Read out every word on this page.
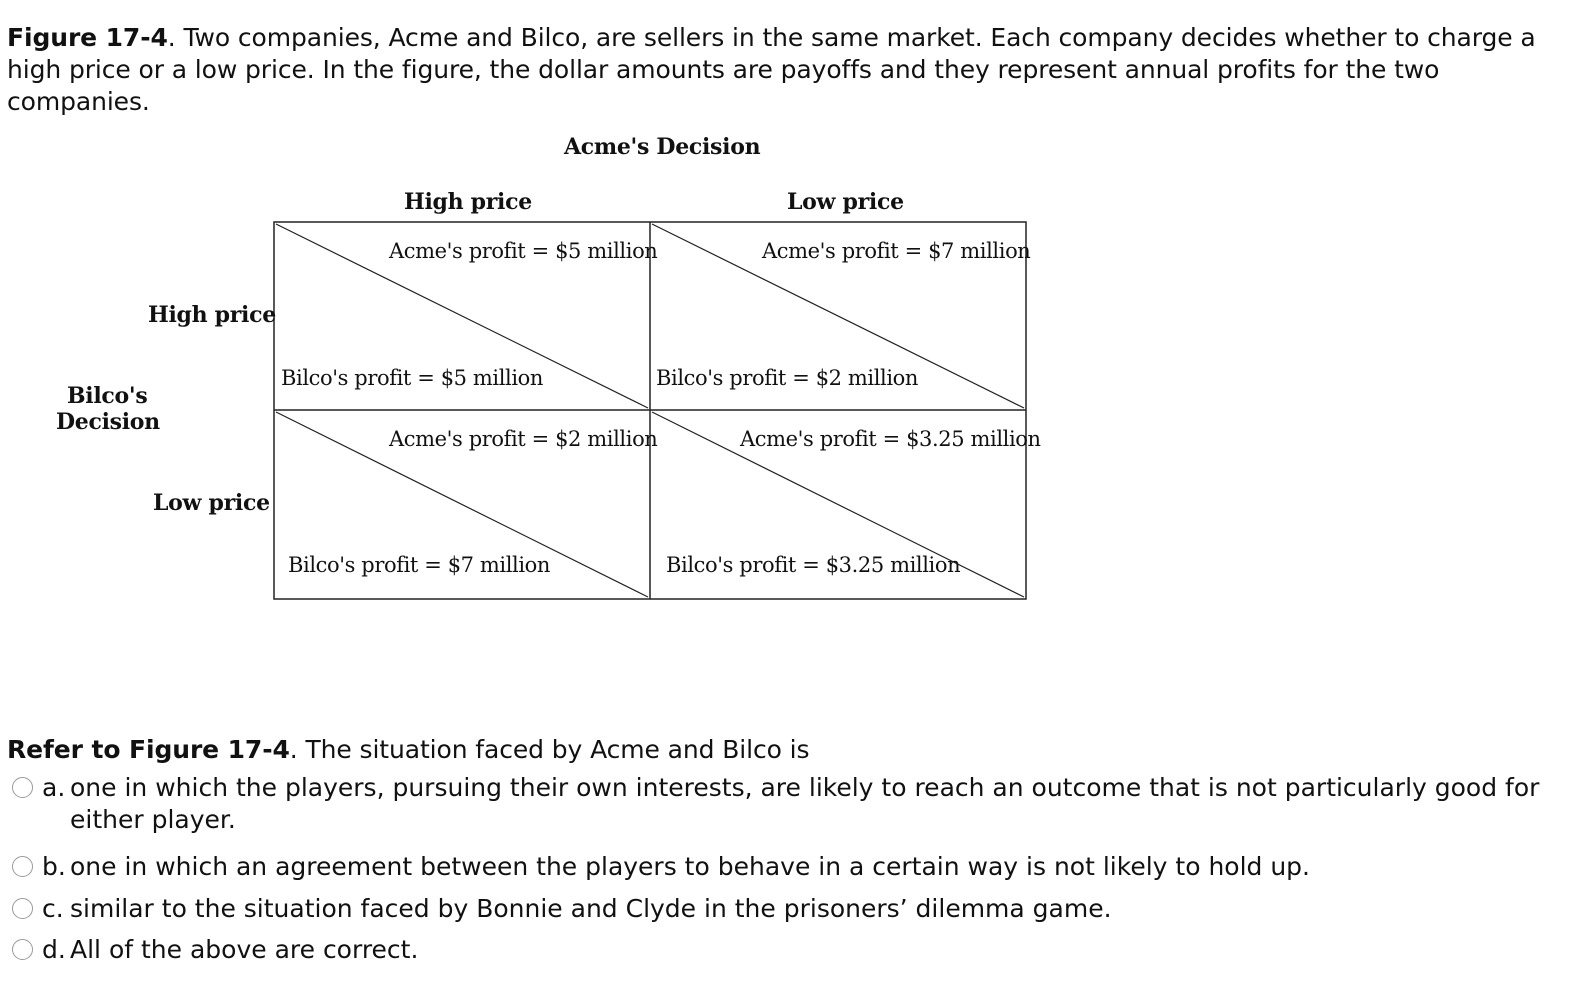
Figure 17-4. Two companies, Acme and Bilco, are sellers in the same market. Each company decides whether to charge a high price or a low price. In the figure, the dollar amounts are payoffs and they represent annual profits for the two companies.
Acme's Decision
High price	Low price
High price
Low price
Bilco's
Decision
Acme's profit = $5 million
Bilco's profit = $5 million
Acme's profit = $7 million
Bilco's profit = $2 million
Acme's profit = $2 million
Bilco's profit = $7 million
Acme's profit = $3.25 million
Bilco's profit = $3.25 million
Refer to Figure 17-4. The situation faced by Acme and Bilco is
a. one in which the players, pursuing their own interests, are likely to reach an outcome that is not particularly good for either player.
b. one in which an agreement between the players to behave in a certain way is not likely to hold up.
c. similar to the situation faced by Bonnie and Clyde in the prisoners’ dilemma game.
d. All of the above are correct.
